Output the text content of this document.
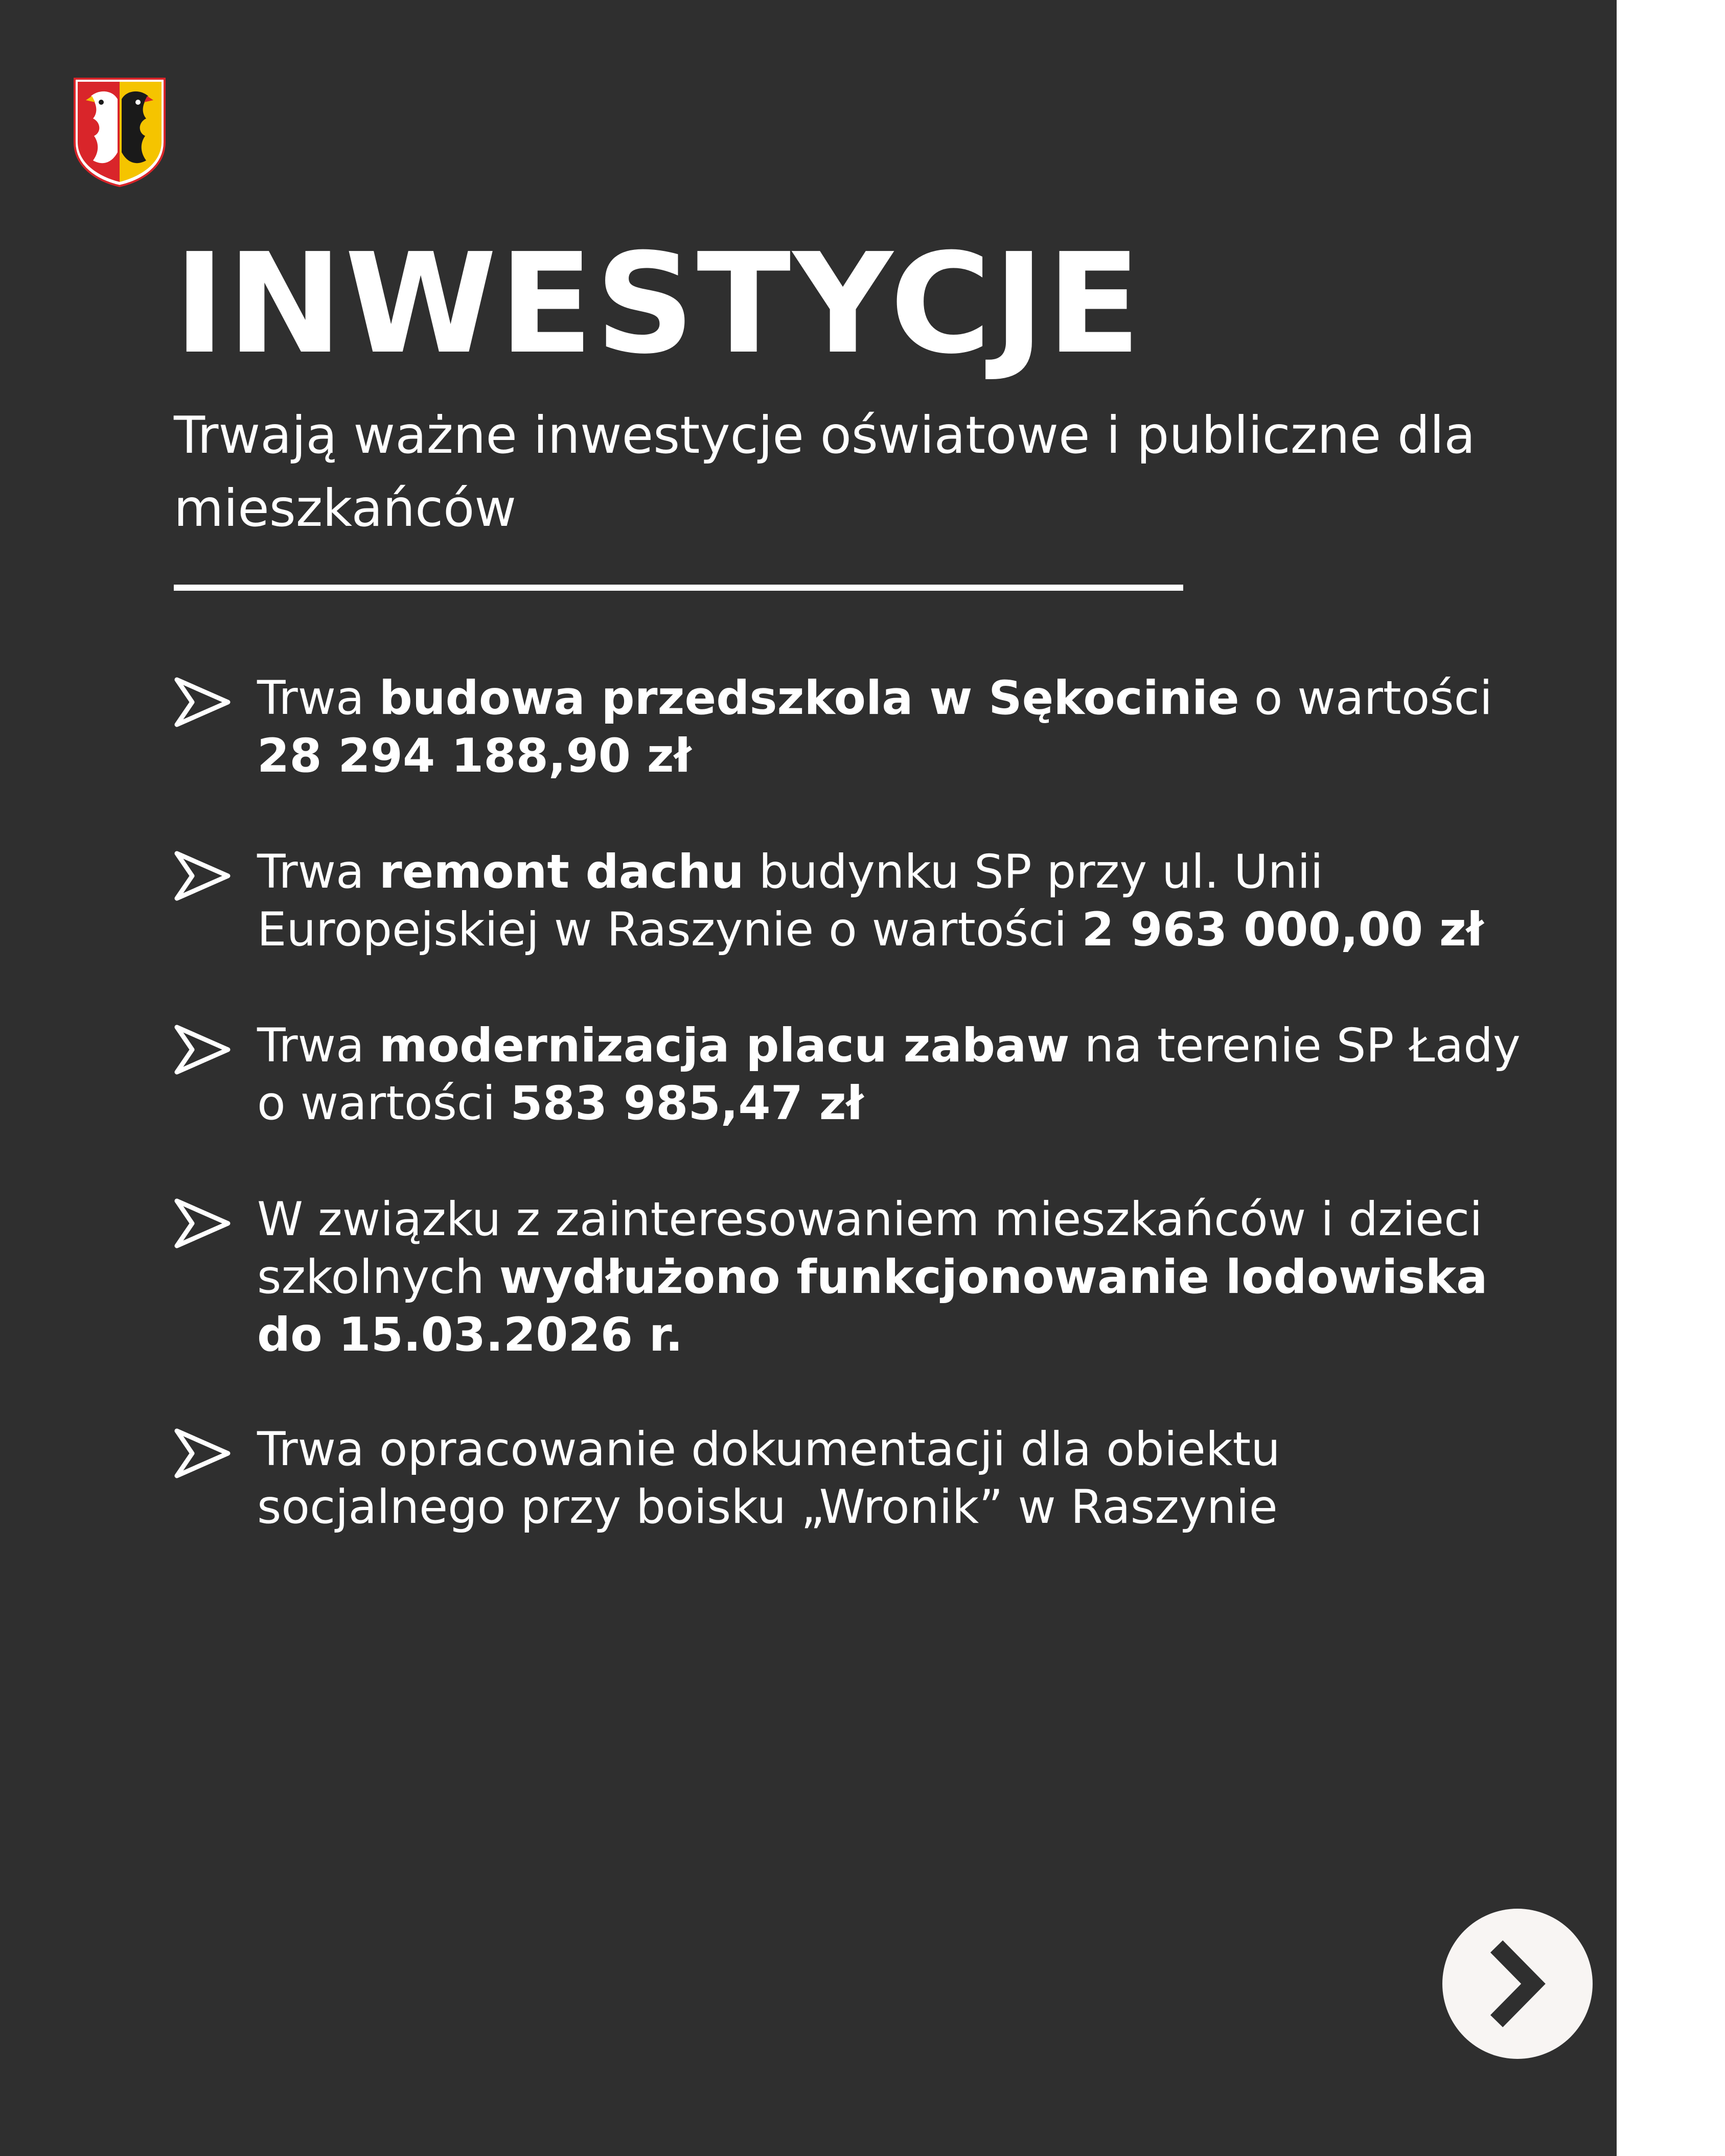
INWESTYCJE
Trwają ważne inwestycje oświatowe i publiczne dla mieszkańców
Trwa budowa przedszkola w Sękocinie o wartości 28 294 188,90 zł
Trwa remont dachu budynku SP przy ul. Unii Europejskiej w Raszynie o wartości 2 963 000,00 zł
Trwa modernizacja placu zabaw na terenie SP Łady o wartości 583 985,47 zł
W związku z zainteresowaniem mieszkańców i dzieci szkolnych wydłużono funkcjonowanie lodowiska do 15.03.2026 r.
Trwa opracowanie dokumentacji dla obiektu socjalnego przy boisku „Wronik” w Raszynie
